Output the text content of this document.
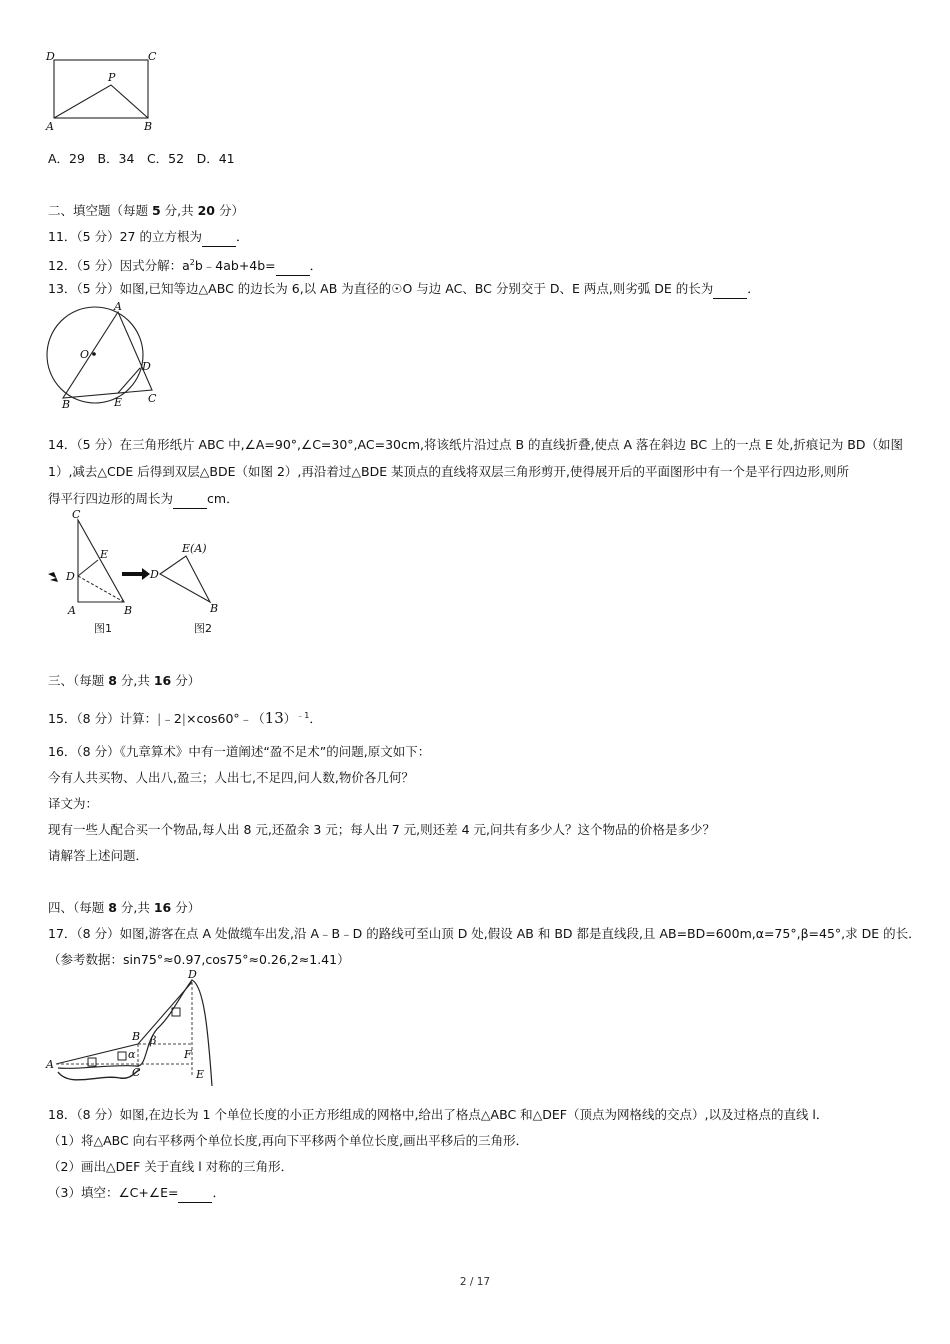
D	C
P
A	B
A．29　B．34　C．52　D．41
二、填空题（每题 5 分,共 20 分）
11．（5 分）27 的立方根为	．
12．（5 分）因式分解：$a^2b﹣4ab+4b=$	．
13．（5 分）如图,已知等边△ABC 的边长为 6,以 AB 为直径的☉O 与边 AC、BC 分别交于 D、E 两点,则劣弧 DE 的长为	．
A
O
D
B	E C
14．（5 分）在三角形纸片 ABC 中,∠A=90°,∠C=30°,AC=30cm,将该纸片沿过点 B 的直线折叠,使点 A 落在斜边 BC 上的一点 E 处,折痕记为 BD（如图
1）,减去△CDE 后得到双层△BDE（如图 2）,再沿着过△BDE 某顶点的直线将双层三角形剪开,使得展开后的平面图形中有一个是平行四边形,则所
得平行四边形的周长为	cm．
C
E
D
A	B
E(A)
D
B
图1	图2
三、（每题 8 分,共 16 分）
15．（8 分）计算：$|﹣2|\times\cos 60^\circ﹣(13)^{﹣1}$．
16．（8 分）《九章算术》中有一道阐述“盈不足术”的问题,原文如下：
今有人共买物、人出八,盈三；人出七,不足四,问人数,物价各几何？
译文为：
现有一些人配合买一个物品,每人出 8 元,还盈余 3 元；每人出 7 元,则还差 4 元,问共有多少人？这个物品的价格是多少？
请解答上述问题．
四、（每题 8 分,共 16 分）
17．（8 分）如图,游客在点 A 处做缆车出发,沿 A﹣B﹣D 的路线可至山顶 D 处,假设 AB 和 BD 都是直线段,且 AB=BD=600m,α=75°,β=45°,求 DE 的长．
（参考数据：sin75°≈0.97,cos75°≈0.26,2≈1.41）
D
B β
α
A
C
F
E
18．（8 分）如图,在边长为 1 个单位长度的小正方形组成的网格中,给出了格点△ABC 和△DEF（顶点为网格线的交点）,以及过格点的直线 l．
（1）将△ABC 向右平移两个单位长度,再向下平移两个单位长度,画出平移后的三角形．
（2）画出△DEF 关于直线 l 对称的三角形．
（3）填空：∠C+∠E=	．
2 / 17
